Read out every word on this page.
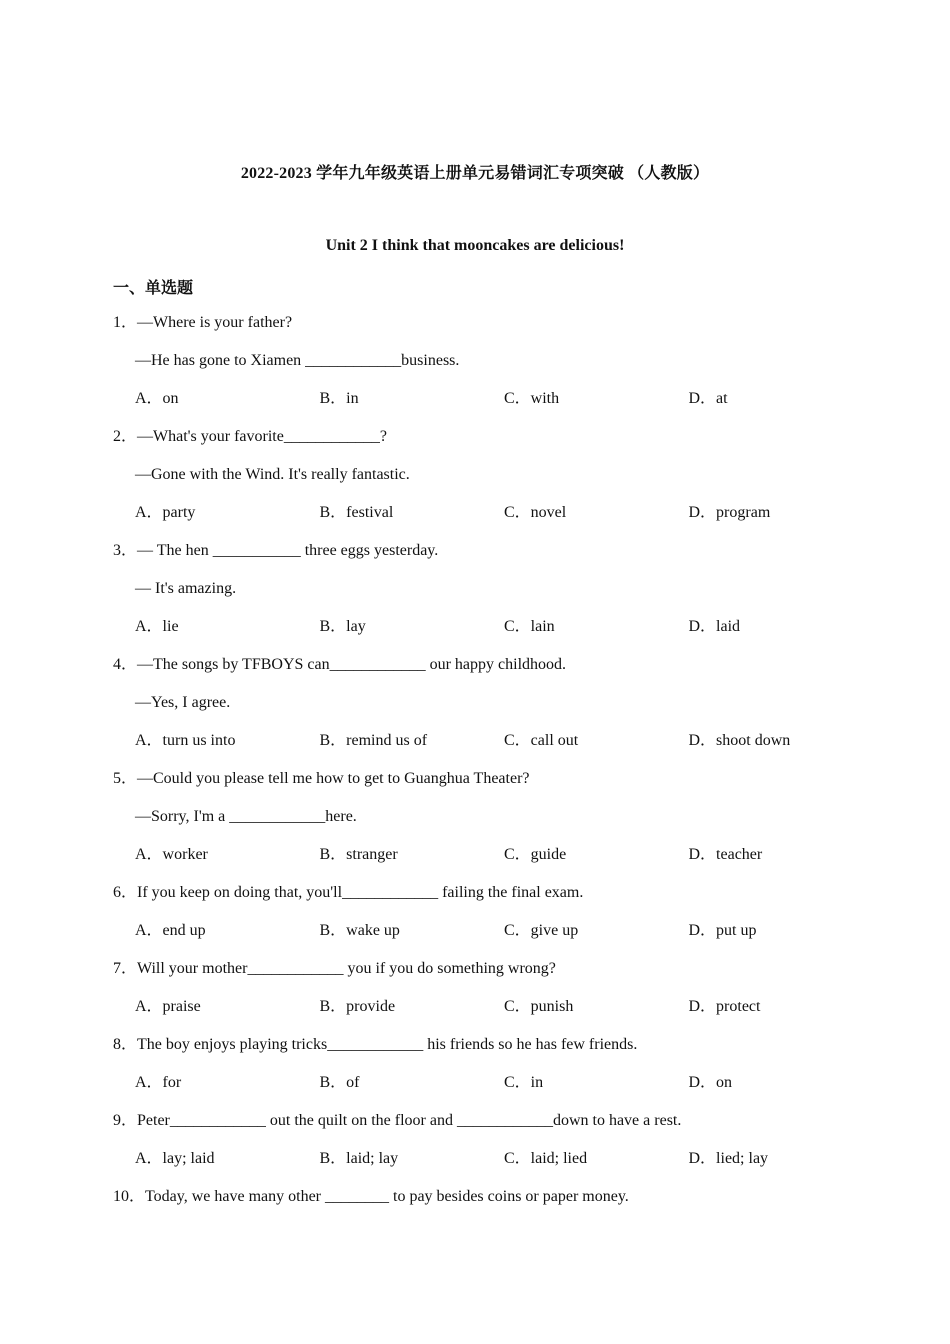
2022-2023 学年九年级英语上册单元易错词汇专项突破 （人教版）
Unit 2 I think that mooncakes are delicious!
一、单选题
1．—Where is your father?
—He has gone to Xiamen ____________business.
A．on	B．in	C．with	D．at
2．—What's your favorite____________?
—Gone with the Wind. It's really fantastic.
A．party	B．festival	C．novel	D．program
3．— The hen ___________ three eggs yesterday.
— It's amazing.
A．lie	B．lay	C．lain	D．laid
4．—The songs by TFBOYS can____________ our happy childhood.
—Yes, I agree.
A．turn us into	B．remind us of	C．call out	D．shoot down
5．—Could you please tell me how to get to Guanghua Theater?
—Sorry, I'm a ____________here.
A．worker	B．stranger	C．guide	D．teacher
6．If you keep on doing that, you'll____________ failing the final exam.
A．end up	B．wake up	C．give up	D．put up
7．Will your mother____________ you if you do something wrong?
A．praise	B．provide	C．punish	D．protect
8．The boy enjoys playing tricks____________ his friends so he has few friends.
A．for	B．of	C．in	D．on
9．Peter____________ out the quilt on the floor and ____________down to have a rest.
A．lay; laid	B．laid; lay	C．laid; lied	D．lied; lay
10．Today, we have many other ________ to pay besides coins or paper money.
